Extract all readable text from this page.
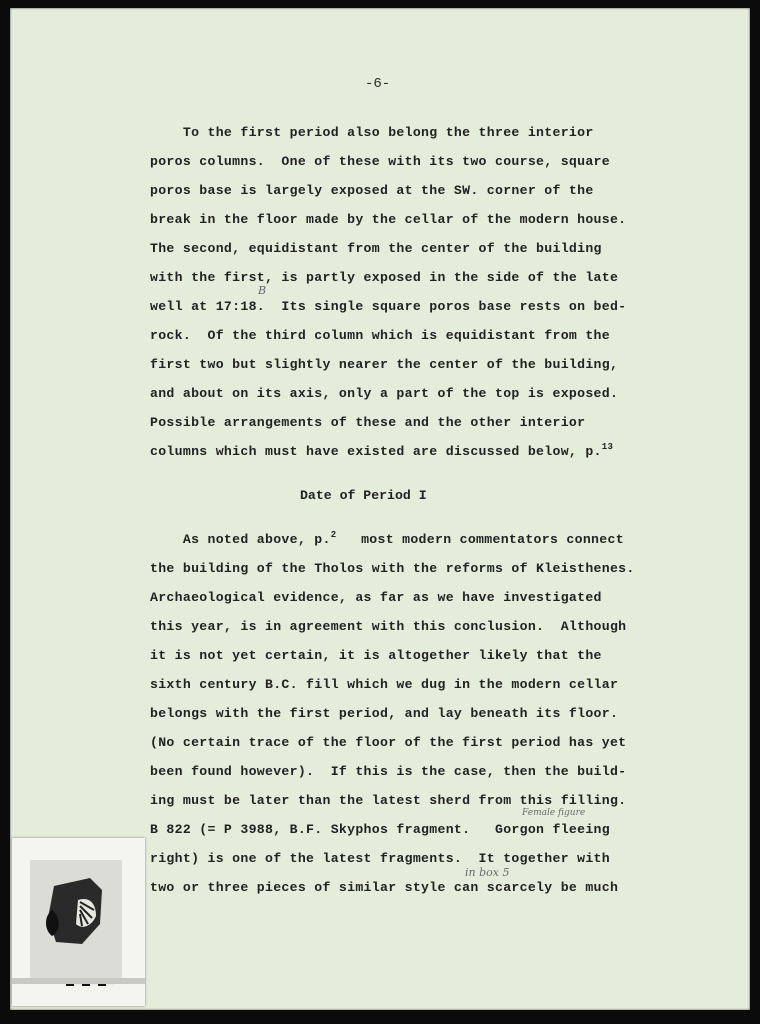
-6-
To the first period also belong the three interior
poros columns.  One of these with its two course, square
poros base is largely exposed at the SW. corner of the
break in the floor made by the cellar of the modern house.
The second, equidistant from the center of the building
with the first, is partly exposed in the side of the late
well at 17:18.  Its single square poros base rests on bed-
rock.  Of the third column which is equidistant from the
first two but slightly nearer the center of the building,
and about on its axis, only a part of the top is exposed.
Possible arrangements of these and the other interior
columns which must have existed are discussed below, p.$^{13}$
B
Date of Period I
As noted above, p.$^2$ most modern commentators connect
the building of the Tholos with the reforms of Kleisthenes.
Archaeological evidence, as far as we have investigated
this year, is in agreement with this conclusion.  Although
it is not yet certain, it is altogether likely that the
sixth century B.C. fill which we dug in the modern cellar
belongs with the first period, and lay beneath its floor.
(No certain trace of the floor of the first period has yet
been found however).  If this is the case, then the build-
ing must be later than the latest sherd from this filling.
B 822 (= P 3988, B.F. Skyphos fragment.   Gorgon fleeing
right) is one of the latest fragments.  It together with
two or three pieces of similar style can scarcely be much
Female figure
in box 5
